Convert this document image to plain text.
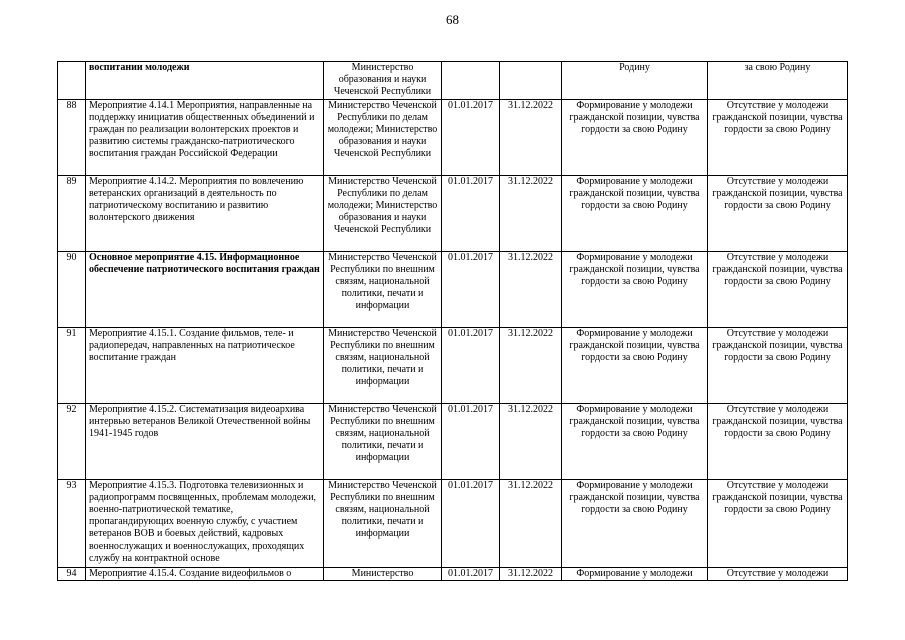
68
	воспитании молодежи	Министерство образования и науки Чеченской Республики			Родину	за свою Родину
88	Мероприятие 4.14.1 Мероприятия, направленные на поддержку инициатив общественных объединений и граждан по реализации волонтерских проектов и развитию системы гражданско-патриотического воспитания граждан Российской Федерации	Министерство Чеченской Республики по делам молодежи; Министерство образования и науки Чеченской Республики	01.01.2017	31.12.2022	Формирование у молодежи гражданской позиции, чувства гордости за свою Родину	Отсутствие у молодежи гражданской позиции, чувства гордости за свою Родину
89	Мероприятие 4.14.2. Мероприятия по вовлечению ветеранских организаций в деятельность по патриотическому воспитанию и развитию волонтерского движения	Министерство Чеченской Республики по делам молодежи; Министерство образования и науки Чеченской Республики	01.01.2017	31.12.2022	Формирование у молодежи гражданской позиции, чувства гордости за свою Родину	Отсутствие у молодежи гражданской позиции, чувства гордости за свою Родину
90	Основное мероприятие 4.15. Информационное обеспечение патриотического воспитания граждан	Министерство Чеченской Республики по внешним связям, национальной политики, печати и информации	01.01.2017	31.12.2022	Формирование у молодежи гражданской позиции, чувства гордости за свою Родину	Отсутствие у молодежи гражданской позиции, чувства гордости за свою Родину
91	Мероприятие 4.15.1. Создание фильмов, теле- и радиопередач, направленных на патриотическое воспитание граждан	Министерство Чеченской Республики по внешним связям, национальной политики, печати и информации	01.01.2017	31.12.2022	Формирование у молодежи гражданской позиции, чувства гордости за свою Родину	Отсутствие у молодежи гражданской позиции, чувства гордости за свою Родину
92	Мероприятие 4.15.2. Систематизация видеоархива интервью ветеранов Великой Отечественной войны 1941-1945 годов	Министерство Чеченской Республики по внешним связям, национальной политики, печати и информации	01.01.2017	31.12.2022	Формирование у молодежи гражданской позиции, чувства гордости за свою Родину	Отсутствие у молодежи гражданской позиции, чувства гордости за свою Родину
93	Мероприятие 4.15.3. Подготовка телевизионных и радиопрограмм посвященных, проблемам молодежи, военно-патриотической тематике, пропагандирующих военную службу, с участием ветеранов ВОВ и боевых действий, кадровых военнослужащих и военнослужащих, проходящих службу на контрактной основе	Министерство Чеченской Республики по внешним связям, национальной политики, печати и информации	01.01.2017	31.12.2022	Формирование у молодежи гражданской позиции, чувства гордости за свою Родину	Отсутствие у молодежи гражданской позиции, чувства гордости за свою Родину
94	Мероприятие 4.15.4. Создание видеофильмов о	Министерство	01.01.2017	31.12.2022	Формирование у молодежи	Отсутствие у молодежи
